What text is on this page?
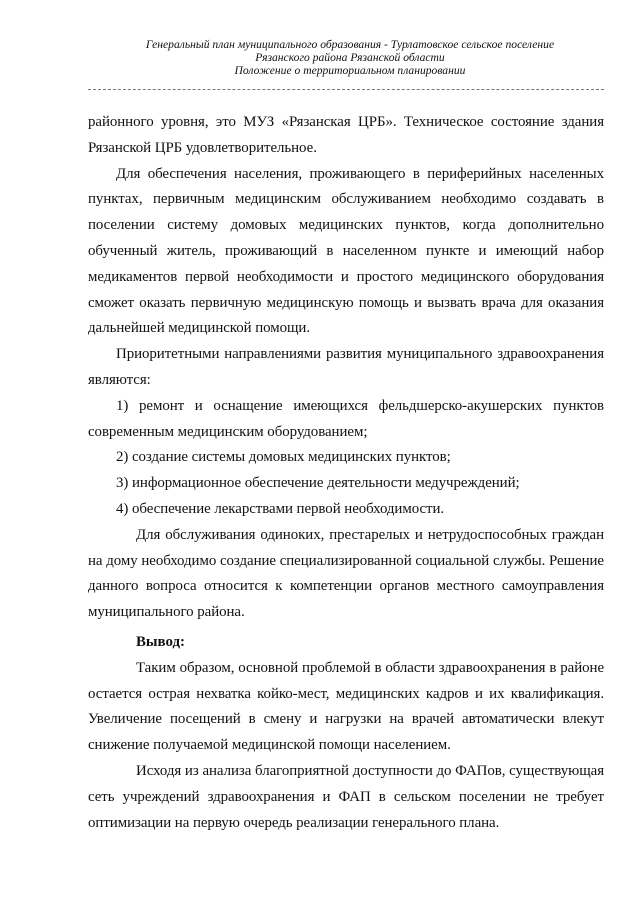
Генеральный план муниципального образования - Турлатовское сельское поселение
Рязанского района Рязанской области
Положение о территориальном планировании

районного уровня, это МУЗ «Рязанская ЦРБ». Техническое состояние здания Рязанской ЦРБ удовлетворительное.

Для обеспечения населения, проживающего в периферийных населенных пунктах, первичным медицинским обслуживанием необходимо создавать в поселении систему домовых медицинских пунктов, когда дополнительно обученный житель, проживающий в населенном пункте и имеющий набор медикаментов первой необходимости и простого медицинского оборудования сможет оказать первичную медицинскую помощь и вызвать врача для оказания дальнейшей медицинской помощи.

Приоритетными направлениями развития муниципального здравоохранения являются:

1) ремонт и оснащение имеющихся фельдшерско-акушерских пунктов современным медицинским оборудованием;

2) создание системы домовых медицинских пунктов;

3) информационное обеспечение деятельности медучреждений;

4) обеспечение лекарствами первой необходимости.

Для обслуживания одиноких, престарелых и нетрудоспособных граждан на дому необходимо создание специализированной социальной службы. Решение данного вопроса относится к компетенции органов местного самоуправления муниципального района.

Вывод:

Таким образом, основной проблемой в области здравоохранения в районе остается острая нехватка койко-мест, медицинских кадров и их квалификация. Увеличение посещений в смену и нагрузки на врачей автоматически влекут снижение получаемой медицинской помощи населением.

Исходя из анализа благоприятной доступности до ФАПов, существующая сеть учреждений здравоохранения и ФАП в сельском поселении не требует оптимизации на первую очередь реализации генерального плана.
